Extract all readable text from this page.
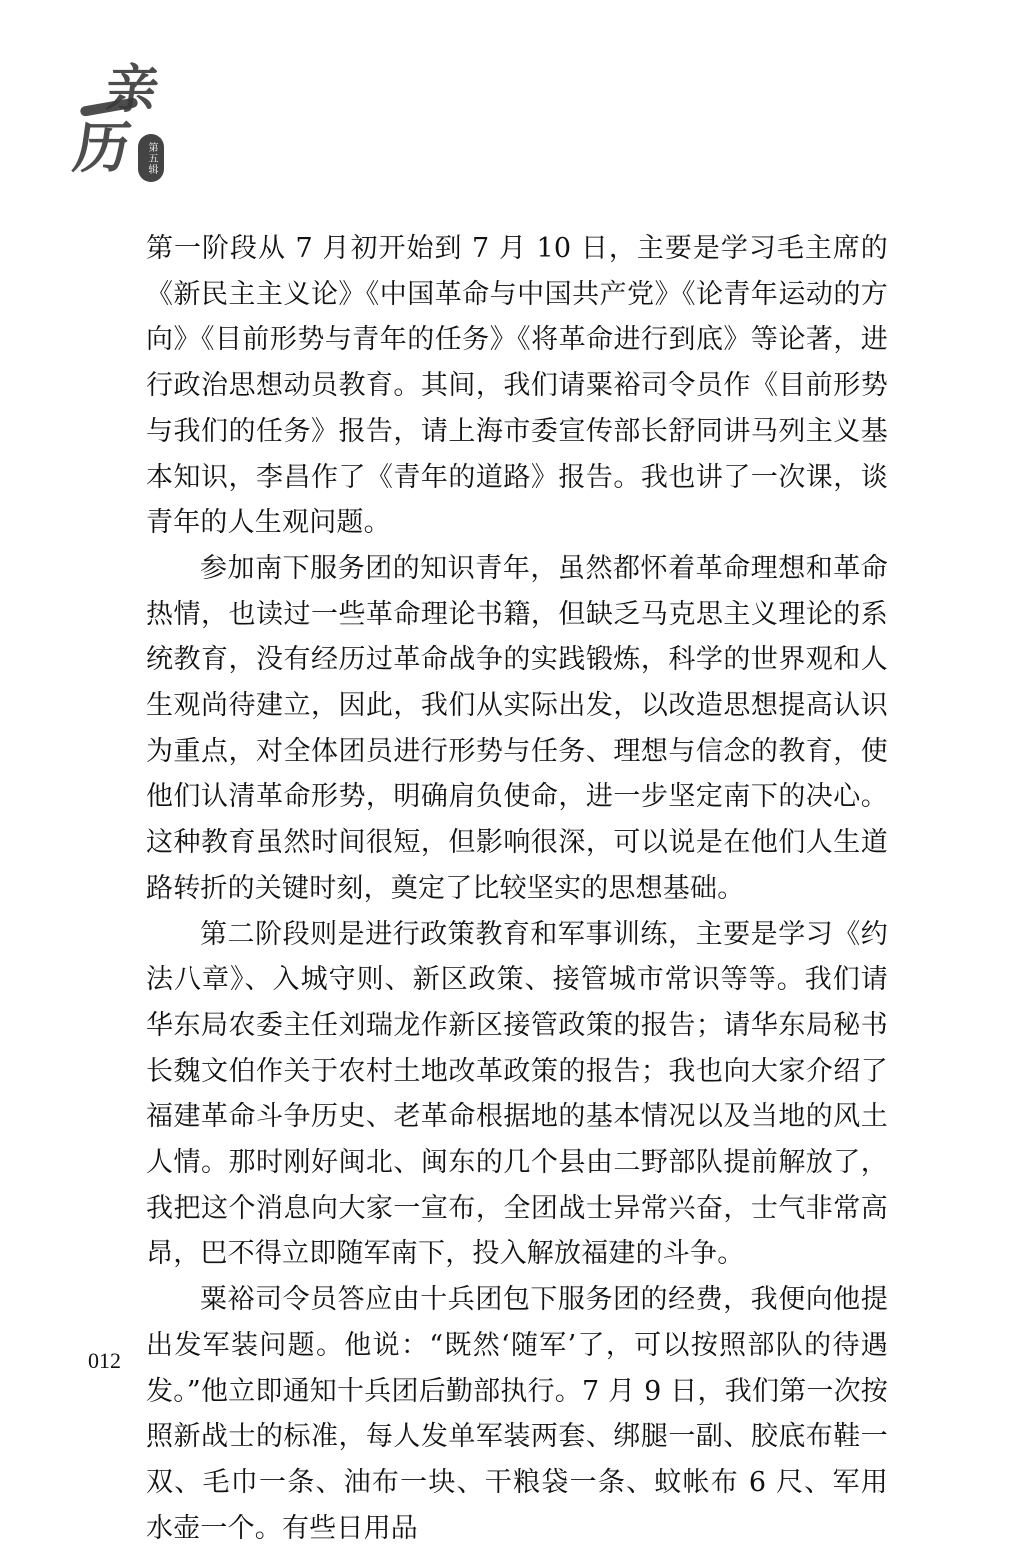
亲
历	第五辑

第一阶段从 7 月初开始到 7 月 10 日，主要是学习毛主席的《新民主主义论》《中国革命与中国共产党》《论青年运动的方向》《目前形势与青年的任务》《将革命进行到底》等论著，进行政治思想动员教育。其间，我们请粟裕司令员作《目前形势与我们的任务》报告，请上海市委宣传部长舒同讲马列主义基本知识，李昌作了《青年的道路》报告。我也讲了一次课，谈青年的人生观问题。

参加南下服务团的知识青年，虽然都怀着革命理想和革命热情，也读过一些革命理论书籍，但缺乏马克思主义理论的系统教育，没有经历过革命战争的实践锻炼，科学的世界观和人生观尚待建立，因此，我们从实际出发，以改造思想提高认识为重点，对全体团员进行形势与任务、理想与信念的教育，使他们认清革命形势，明确肩负使命，进一步坚定南下的决心。这种教育虽然时间很短，但影响很深，可以说是在他们人生道路转折的关键时刻，奠定了比较坚实的思想基础。

第二阶段则是进行政策教育和军事训练，主要是学习《约法八章》、入城守则、新区政策、接管城市常识等等。我们请华东局农委主任刘瑞龙作新区接管政策的报告；请华东局秘书长魏文伯作关于农村土地改革政策的报告；我也向大家介绍了福建革命斗争历史、老革命根据地的基本情况以及当地的风土人情。那时刚好闽北、闽东的几个县由二野部队提前解放了，我把这个消息向大家一宣布，全团战士异常兴奋，士气非常高昂，巴不得立即随军南下，投入解放福建的斗争。

粟裕司令员答应由十兵团包下服务团的经费，我便向他提出发军装问题。他说：“既然‘随军’了，可以按照部队的待遇发。”他立即通知十兵团后勤部执行。7 月 9 日，我们第一次按照新战士的标准，每人发单军装两套、绑腿一副、胶底布鞋一双、毛巾一条、油布一块、干粮袋一条、蚊帐布 6 尺、军用水壶一个。有些日用品

012
